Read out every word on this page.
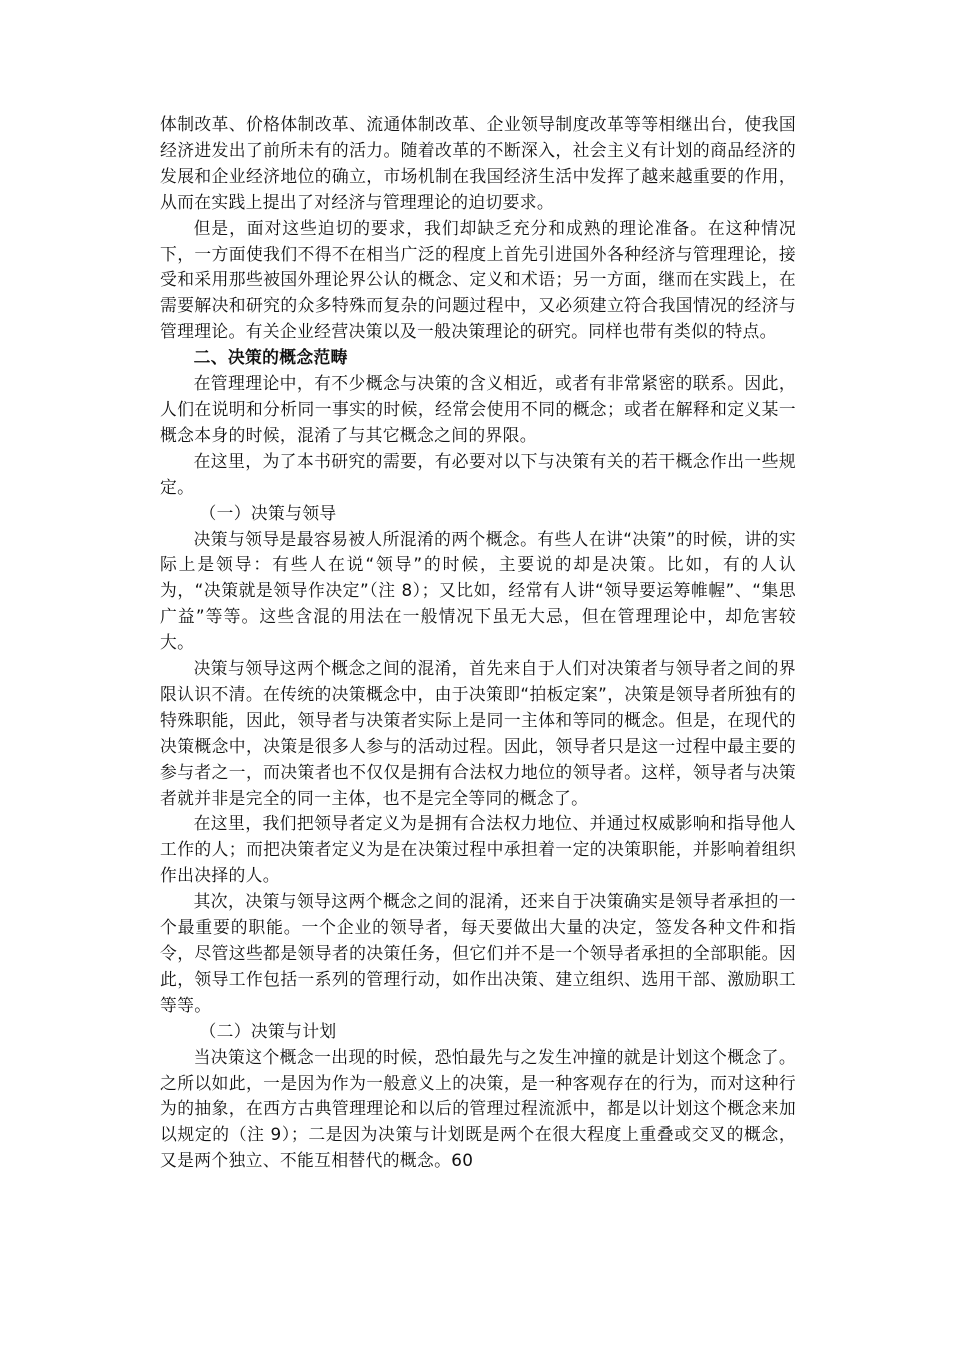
体制改革、价格体制改革、流通体制改革、企业领导制度改革等等相继出台，使我国经济进发出了前所未有的活力。随着改革的不断深入，社会主义有计划的商品经济的发展和企业经济地位的确立，市场机制在我国经济生活中发挥了越来越重要的作用，从而在实践上提出了对经济与管理理论的迫切要求。

但是，面对这些迫切的要求，我们却缺乏充分和成熟的理论准备。在这种情况下，一方面使我们不得不在相当广泛的程度上首先引进国外各种经济与管理理论，接受和采用那些被国外理论界公认的概念、定义和术语；另一方面，继而在实践上，在需要解决和研究的众多特殊而复杂的问题过程中，又必须建立符合我国情况的经济与管理理论。有关企业经营决策以及一般决策理论的研究。同样也带有类似的特点。

二、决策的概念范畴

在管理理论中，有不少概念与决策的含义相近，或者有非常紧密的联系。因此，人们在说明和分析同一事实的时候，经常会使用不同的概念；或者在解释和定义某一概念本身的时候，混淆了与其它概念之间的界限。

在这里，为了本书研究的需要，有必要对以下与决策有关的若干概念作出一些规定。

（一）决策与领导

决策与领导是最容易被人所混淆的两个概念。有些人在讲“决策”的时候，讲的实际上是领导：有些人在说“领导”的时候，主要说的却是决策。比如，有的人认为，“决策就是领导作决定”（注 8）；又比如，经常有人讲“领导要运筹帷幄”、“集思广益”等等。这些含混的用法在一般情况下虽无大忌，但在管理理论中，却危害较大。

决策与领导这两个概念之间的混淆，首先来自于人们对决策者与领导者之间的界限认识不清。在传统的决策概念中，由于决策即“拍板定案”，决策是领导者所独有的特殊职能，因此，领导者与决策者实际上是同一主体和等同的概念。但是，在现代的决策概念中，决策是很多人参与的活动过程。因此，领导者只是这一过程中最主要的参与者之一，而决策者也不仅仅是拥有合法权力地位的领导者。这样，领导者与决策者就并非是完全的同一主体，也不是完全等同的概念了。

在这里，我们把领导者定义为是拥有合法权力地位、并通过权威影响和指导他人工作的人；而把决策者定义为是在决策过程中承担着一定的决策职能，并影响着组织作出决择的人。

其次，决策与领导这两个概念之间的混淆，还来自于决策确实是领导者承担的一个最重要的职能。一个企业的领导者，每天要做出大量的决定，签发各种文件和指令，尽管这些都是领导者的决策任务，但它们并不是一个领导者承担的全部职能。因此，领导工作包括一系列的管理行动，如作出决策、建立组织、选用干部、激励职工等等。

（二）决策与计划

当决策这个概念一出现的时候，恐怕最先与之发生冲撞的就是计划这个概念了。之所以如此，一是因为作为一般意义上的决策，是一种客观存在的行为，而对这种行为的抽象，在西方古典管理理论和以后的管理过程流派中，都是以计划这个概念来加以规定的（注 9）；二是因为决策与计划既是两个在很大程度上重叠或交叉的概念，又是两个独立、不能互相替代的概念。60
